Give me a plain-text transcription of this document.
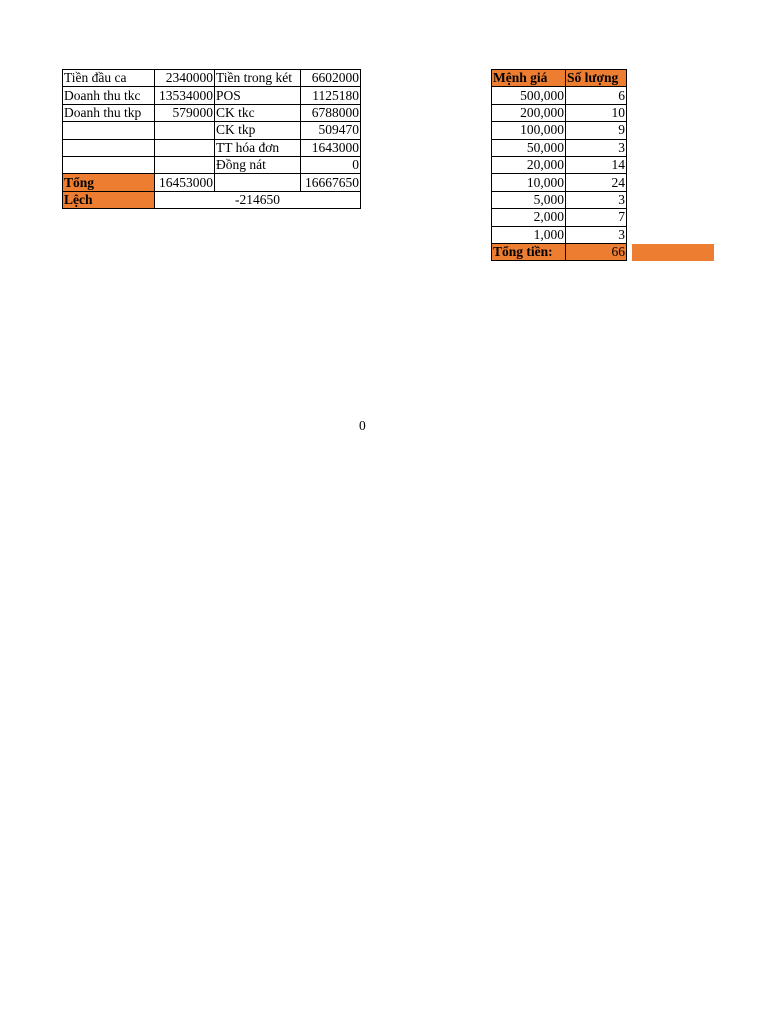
Tiền đầu ca	2340000	Tiền trong két	6602000
Doanh thu tkc	13534000	POS	1125180
Doanh thu tkp	579000	CK tkc	6788000
		CK tkp	509470
		TT hóa đơn	1643000
		Đồng nát	0
Tổng	16453000		16667650
Lệch	-214650		
Mệnh giá	Số lượng
500,000	6
200,000	10
100,000	9
50,000	3
20,000	14
10,000	24
5,000	3
2,000	7
1,000	3
Tổng tiền:	66
0
